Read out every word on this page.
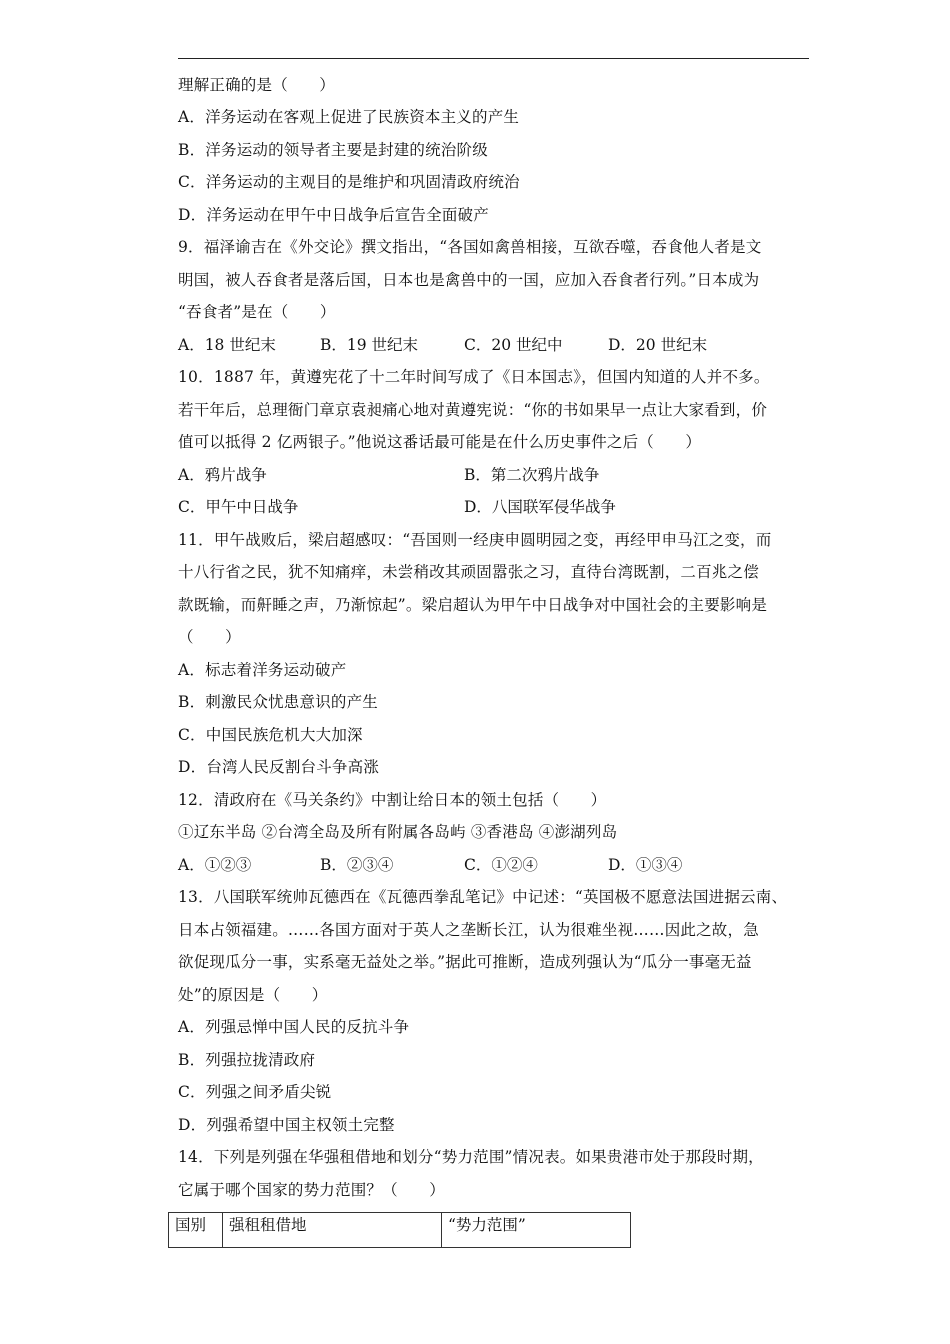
理解正确的是（　　）
A．洋务运动在客观上促进了民族资本主义的产生
B．洋务运动的领导者主要是封建的统治阶级
C．洋务运动的主观目的是维护和巩固清政府统治
D．洋务运动在甲午中日战争后宣告全面破产
9．福泽谕吉在《外交论》撰文指出，“各国如禽兽相接，互欲吞噬，吞食他人者是文
明国，被人吞食者是落后国，日本也是禽兽中的一国，应加入吞食者行列。”日本成为
“吞食者”是在（　　）
A．18 世纪末	B．19 世纪末	C．20 世纪中	D．20 世纪末
10．1887 年，黄遵宪花了十二年时间写成了《日本国志》，但国内知道的人并不多。
若干年后，总理衙门章京袁昶痛心地对黄遵宪说：“你的书如果早一点让大家看到，价
值可以抵得 2 亿两银子。”他说这番话最可能是在什么历史事件之后（　　）
A．鸦片战争	B．第二次鸦片战争
C．甲午中日战争	D．八国联军侵华战争
11．甲午战败后，梁启超感叹：“吾国则一经庚申圆明园之变，再经甲申马江之变，而
十八行省之民，犹不知痛痒，未尝稍改其顽固嚣张之习，直待台湾既割，二百兆之偿
款既输，而鼾睡之声，乃渐惊起”。梁启超认为甲午中日战争对中国社会的主要影响是
（　　）
A．标志着洋务运动破产
B．刺激民众忧患意识的产生
C．中国民族危机大大加深
D．台湾人民反割台斗争高涨
12．清政府在《马关条约》中割让给日本的领土包括（　　）
①辽东半岛 ②台湾全岛及所有附属各岛屿 ③香港岛 ④澎湖列岛
A．①②③	B．②③④	C．①②④	D．①③④
13．八国联军统帅瓦德西在《瓦德西拳乱笔记》中记述：“英国极不愿意法国进据云南、
日本占领福建。……各国方面对于英人之垄断长江，认为很难坐视……因此之故，急
欲促现瓜分一事，实系毫无益处之举。”据此可推断，造成列强认为“瓜分一事毫无益
处”的原因是（　　）
A．列强忌惮中国人民的反抗斗争
B．列强拉拢清政府
C．列强之间矛盾尖锐
D．列强希望中国主权领土完整
14．下列是列强在华强租借地和划分“势力范围”情况表。如果贵港市处于那段时期，
它属于哪个国家的势力范围？（　　）
国别	强租租借地	“势力范围”
